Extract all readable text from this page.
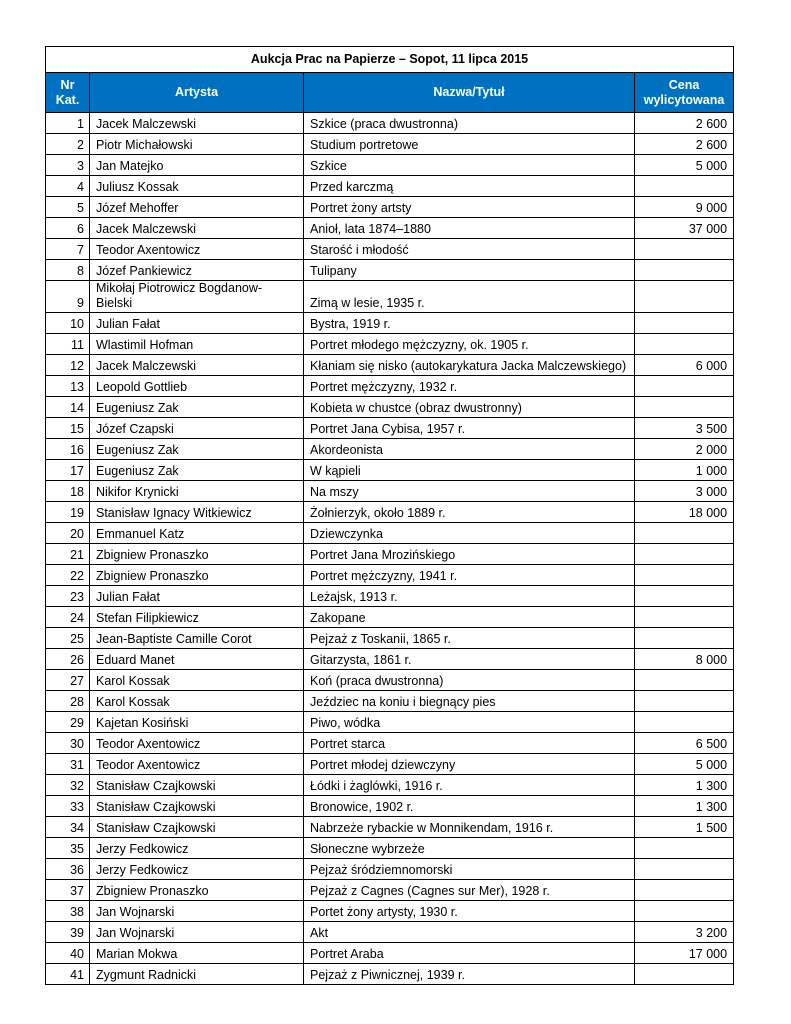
Aukcja Prac na Papierze – Sopot, 11 lipca 2015			
Nr Kat.	Artysta	Nazwa/Tytuł	Cena wylicytowana
1	Jacek Malczewski	Szkice (praca dwustronna)	2 600
2	Piotr Michałowski	Studium portretowe	2 600
3	Jan Matejko	Szkice	5 000
4	Juliusz Kossak	Przed karczmą	
5	Józef Mehoffer	Portret żony artsty	9 000
6	Jacek Malczewski	Anioł, lata 1874–1880	37 000
7	Teodor Axentowicz	Starość i młodość	
8	Józef Pankiewicz	Tulipany	
9	Mikołaj Piotrowicz Bogdanow-Bielski	Zimą w lesie, 1935 r.	
10	Julian Fałat	Bystra, 1919 r.	
11	Wlastimil Hofman	Portret młodego mężczyzny, ok. 1905 r.	
12	Jacek Malczewski	Kłaniam się nisko (autokarykatura Jacka Malczewskiego)	6 000
13	Leopold Gottlieb	Portret mężczyzny, 1932 r.	
14	Eugeniusz Zak	Kobieta w chustce (obraz dwustronny)	
15	Józef Czapski	Portret Jana Cybisa, 1957 r.	3 500
16	Eugeniusz Zak	Akordeonista	2 000
17	Eugeniusz Zak	W kąpieli	1 000
18	Nikifor Krynicki	Na mszy	3 000
19	Stanisław Ignacy Witkiewicz	Żołnierzyk, około 1889 r.	18 000
20	Emmanuel Katz	Dziewczynka	
21	Zbigniew Pronaszko	Portret Jana Mrozińskiego	
22	Zbigniew Pronaszko	Portret mężczyzny, 1941 r.	
23	Julian Fałat	Leżajsk, 1913 r.	
24	Stefan Filipkiewicz	Zakopane	
25	Jean-Baptiste Camille Corot	Pejzaż z Toskanii, 1865 r.	
26	Eduard Manet	Gitarzysta, 1861 r.	8 000
27	Karol Kossak	Koń (praca dwustronna)	
28	Karol Kossak	Jeździec na koniu i biegnący pies	
29	Kajetan Kosiński	Piwo, wódka	
30	Teodor Axentowicz	Portret starca	6 500
31	Teodor Axentowicz	Portret młodej dziewczyny	5 000
32	Stanisław Czajkowski	Łódki i żaglówki, 1916 r.	1 300
33	Stanisław Czajkowski	Bronowice, 1902 r.	1 300
34	Stanisław Czajkowski	Nabrzeże rybackie w Monnikendam, 1916 r.	1 500
35	Jerzy Fedkowicz	Słoneczne wybrzeże	
36	Jerzy Fedkowicz	Pejzaż śródziemnomorski	
37	Zbigniew Pronaszko	Pejzaż z Cagnes (Cagnes sur Mer), 1928 r.	
38	Jan Wojnarski	Portet żony artysty, 1930 r.	
39	Jan Wojnarski	Akt	3 200
40	Marian Mokwa	Portret Araba	17 000
41	Zygmunt Radnicki	Pejzaż z Piwnicznej, 1939 r.	
